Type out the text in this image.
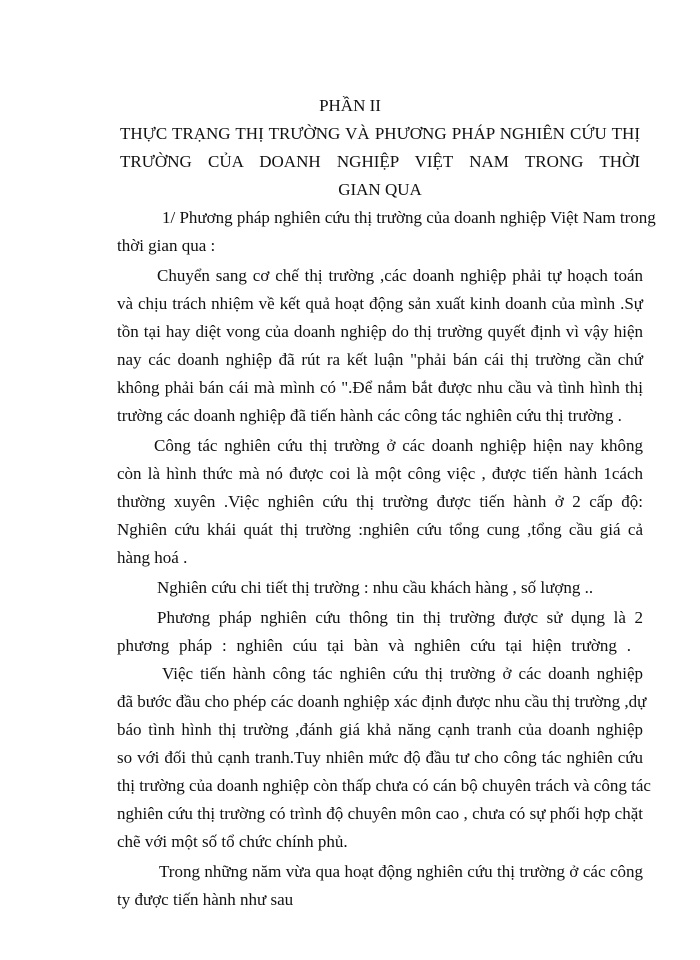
PHẦN II
THỰC TRẠNG THỊ TRƯỜNG VÀ PHƯƠNG PHÁP NGHIÊN CỨU THỊ
TRƯỜNG CỦA DOANH NGHIỆP VIỆT NAM TRONG THỜI
GIAN QUA
1/ Phương pháp nghiên cứu thị trường của doanh nghiệp Việt Nam trong
thời gian qua :
Chuyển sang cơ chế thị trường ,các doanh nghiệp phải tự hoạch toán
và chịu trách nhiệm về kết quả hoạt động sản xuất kinh doanh của mình .Sự
tồn tại hay diệt vong của doanh nghiệp do thị trường quyết định vì vậy hiện
nay các doanh nghiệp đã rút ra kết luận "phải bán cái thị trường cần chứ
không phải bán cái mà mình có ".Để nắm bắt được nhu cầu và tình hình thị
trường các doanh nghiệp đã tiến hành các công tác nghiên cứu thị trường .
Công tác nghiên cứu thị trường ở các doanh nghiệp hiện nay không
còn là hình thức mà nó được coi là một công việc , được tiến hành 1cách
thường xuyên .Việc nghiên cứu thị trường được tiến hành ở 2 cấp độ:
Nghiên cứu khái quát thị trường :nghiên cứu tổng cung ,tổng cầu giá cả
hàng hoá .
Nghiên cứu chi tiết thị trường : nhu cầu khách hàng , số lượng ..
Phương pháp nghiên cứu thông tin thị trường được sử dụng là 2
phương pháp : nghiên cúu tại bàn và nghiên cứu tại hiện trường .
Việc tiến hành công tác nghiên cứu thị trường ở các doanh nghiệp
đã bước đầu cho phép các doanh nghiệp xác định được nhu cầu thị trường ,dự
báo tình hình thị trường ,đánh giá khả năng cạnh tranh của doanh nghiệp
so với đối thủ cạnh tranh.Tuy nhiên mức độ đầu tư cho công tác nghiên cứu
thị trường của doanh nghiệp còn thấp chưa có cán bộ chuyên trách và công tác
nghiên cứu thị trường có trình độ chuyên môn cao , chưa có sự phối hợp chặt
chẽ với một số tổ chức chính phủ.
Trong những năm vừa qua hoạt động nghiên cứu thị trường ở các công
ty được tiến hành như sau
